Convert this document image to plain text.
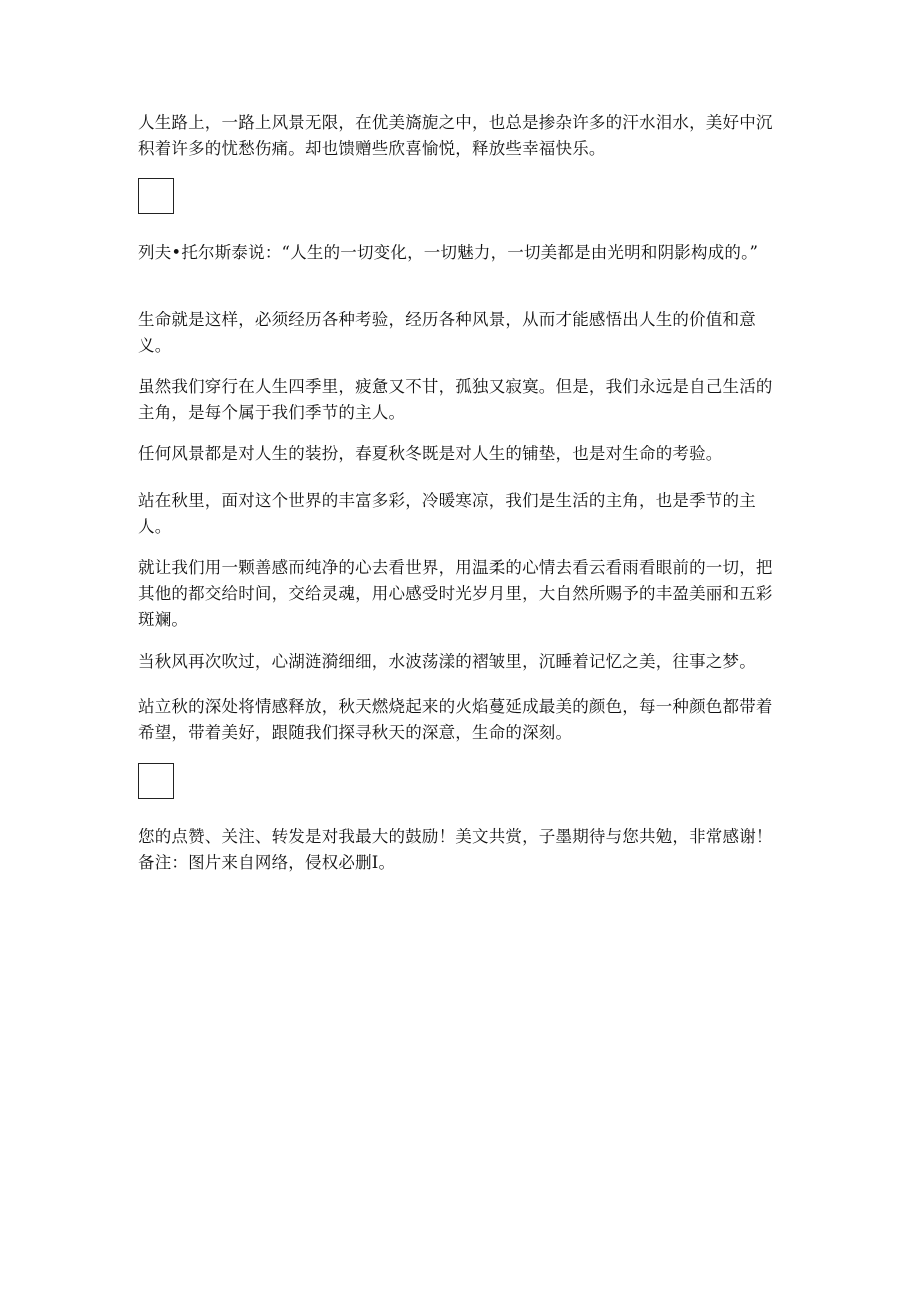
人生路上，一路上风景无限，在优美旖旎之中，也总是掺杂许多的汗水泪水，美好中沉积着许多的忧愁伤痛。却也馈赠些欣喜愉悦，释放些幸福快乐。

列夫•托尔斯泰说：“人生的一切变化，一切魅力，一切美都是由光明和阴影构成的。”

生命就是这样，必须经历各种考验，经历各种风景，从而才能感悟出人生的价值和意义。

虽然我们穿行在人生四季里，疲惫又不甘，孤独又寂寞。但是，我们永远是自己生活的主角，是每个属于我们季节的主人。

任何风景都是对人生的装扮，春夏秋冬既是对人生的铺垫，也是对生命的考验。

站在秋里，面对这个世界的丰富多彩，冷暖寒凉，我们是生活的主角，也是季节的主人。

就让我们用一颗善感而纯净的心去看世界，用温柔的心情去看云看雨看眼前的一切，把其他的都交给时间，交给灵魂，用心感受时光岁月里，大自然所赐予的丰盈美丽和五彩斑斓。

当秋风再次吹过，心湖涟漪细细，水波荡漾的褶皱里，沉睡着记忆之美，往事之梦。

站立秋的深处将情感释放，秋天燃烧起来的火焰蔓延成最美的颜色，每一种颜色都带着希望，带着美好，跟随我们探寻秋天的深意，生命的深刻。

您的点赞、关注、转发是对我最大的鼓励！美文共赏，子墨期待与您共勉，非常感谢！备注：图片来自网络，侵权必删I。
